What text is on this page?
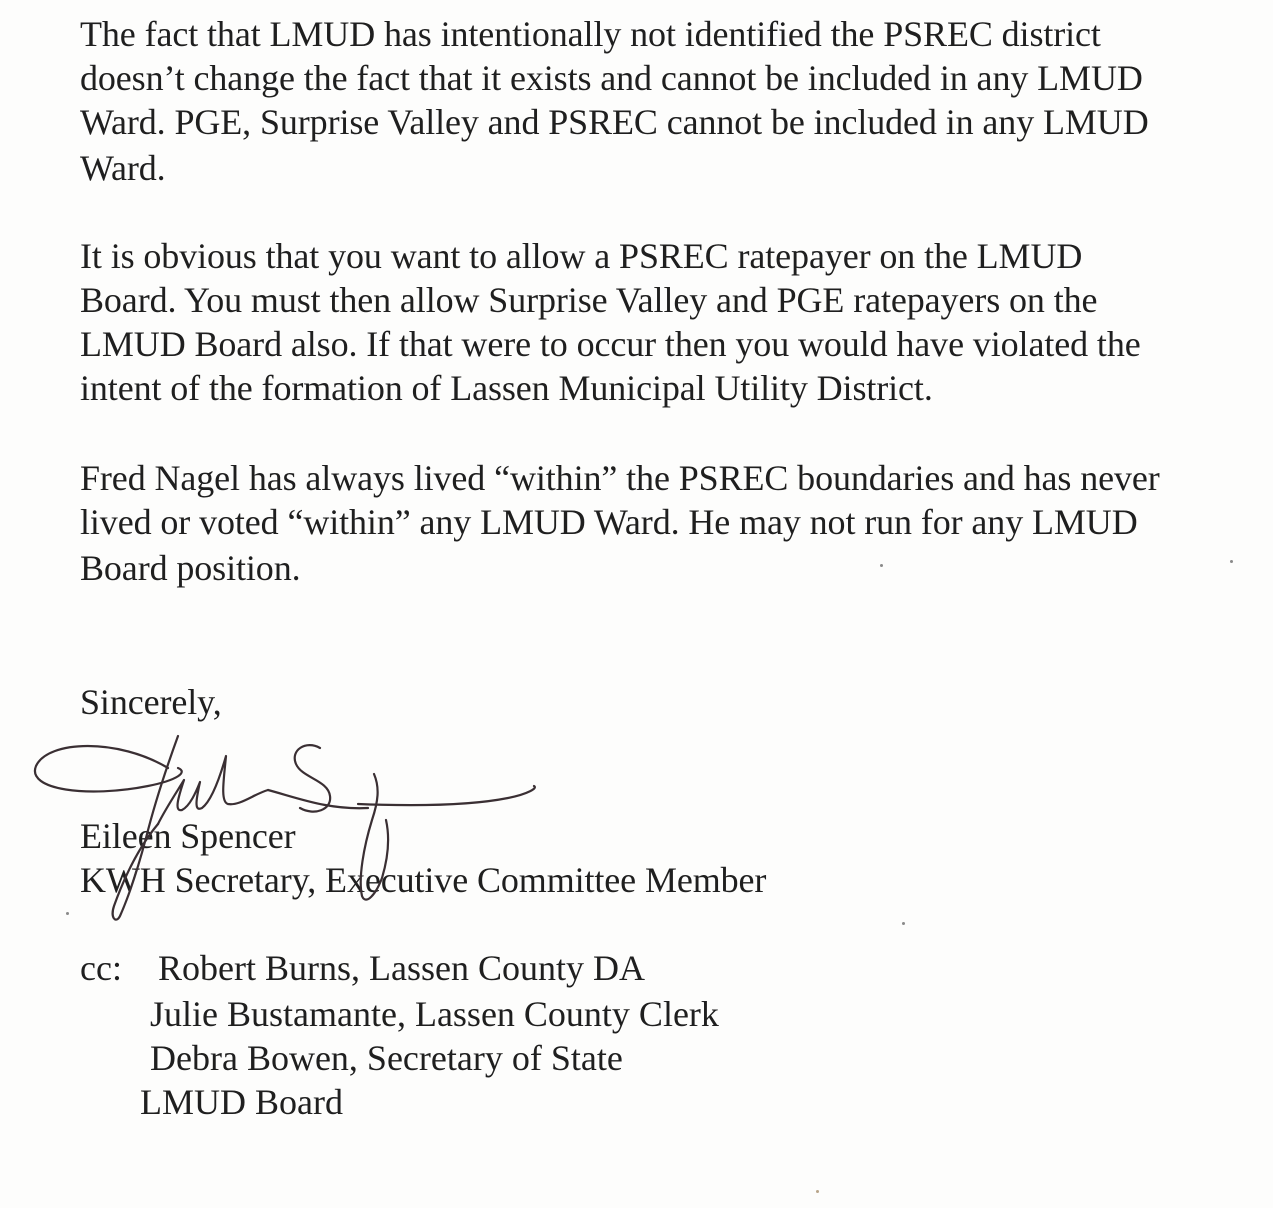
The fact that LMUD has intentionally not identified the PSREC district
doesn’t change the fact that it exists and cannot be included in any LMUD
Ward. PGE, Surprise Valley and PSREC cannot be included in any LMUD
Ward.
It is obvious that you want to allow a PSREC ratepayer on the LMUD
Board. You must then allow Surprise Valley and PGE ratepayers on the
LMUD Board also. If that were to occur then you would have violated the
intent of the formation of Lassen Municipal Utility District.
Fred Nagel has always lived “within” the PSREC boundaries and has never
lived or voted “within” any LMUD Ward. He may not run for any LMUD
Board position.
Sincerely,
Eileen Spencer
KWH Secretary, Executive Committee Member
cc: Robert Burns, Lassen County DA
Julie Bustamante, Lassen County Clerk
Debra Bowen, Secretary of State
LMUD Board
